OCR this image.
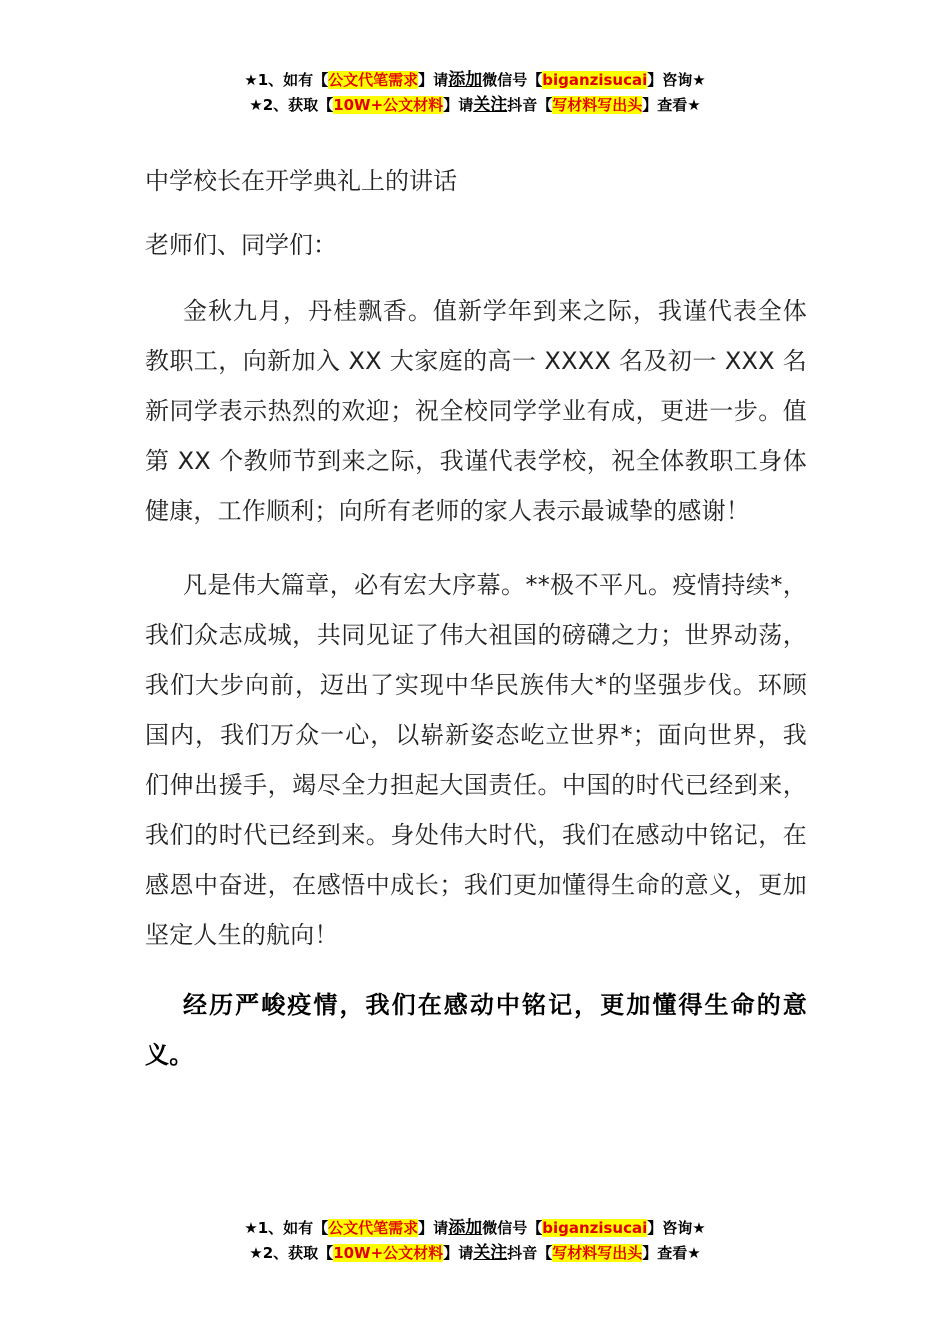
★1、如有【公文代笔需求】请添加微信号【biganzisucai】咨询★
★2、获取【10W+公文材料】请关注抖音【写材料写出头】查看★

中学校长在开学典礼上的讲话

老师们、同学们：

金秋九月，丹桂飘香。值新学年到来之际，我谨代表全体教职工，向新加入 XX 大家庭的高一 XXXX 名及初一 XXX 名新同学表示热烈的欢迎；祝全校同学学业有成，更进一步。值第 XX 个教师节到来之际，我谨代表学校，祝全体教职工身体健康，工作顺利；向所有老师的家人表示最诚挚的感谢！

凡是伟大篇章，必有宏大序幕。**极不平凡。疫情持续*，我们众志成城，共同见证了伟大祖国的磅礴之力；世界动荡，我们大步向前，迈出了实现中华民族伟大*的坚强步伐。环顾国内，我们万众一心，以崭新姿态屹立世界*；面向世界，我们伸出援手，竭尽全力担起大国责任。中国的时代已经到来，我们的时代已经到来。身处伟大时代，我们在感动中铭记，在感恩中奋进，在感悟中成长；我们更加懂得生命的意义，更加坚定人生的航向！

经历严峻疫情，我们在感动中铭记，更加懂得生命的意义。

★1、如有【公文代笔需求】请添加微信号【biganzisucai】咨询★
★2、获取【10W+公文材料】请关注抖音【写材料写出头】查看★
